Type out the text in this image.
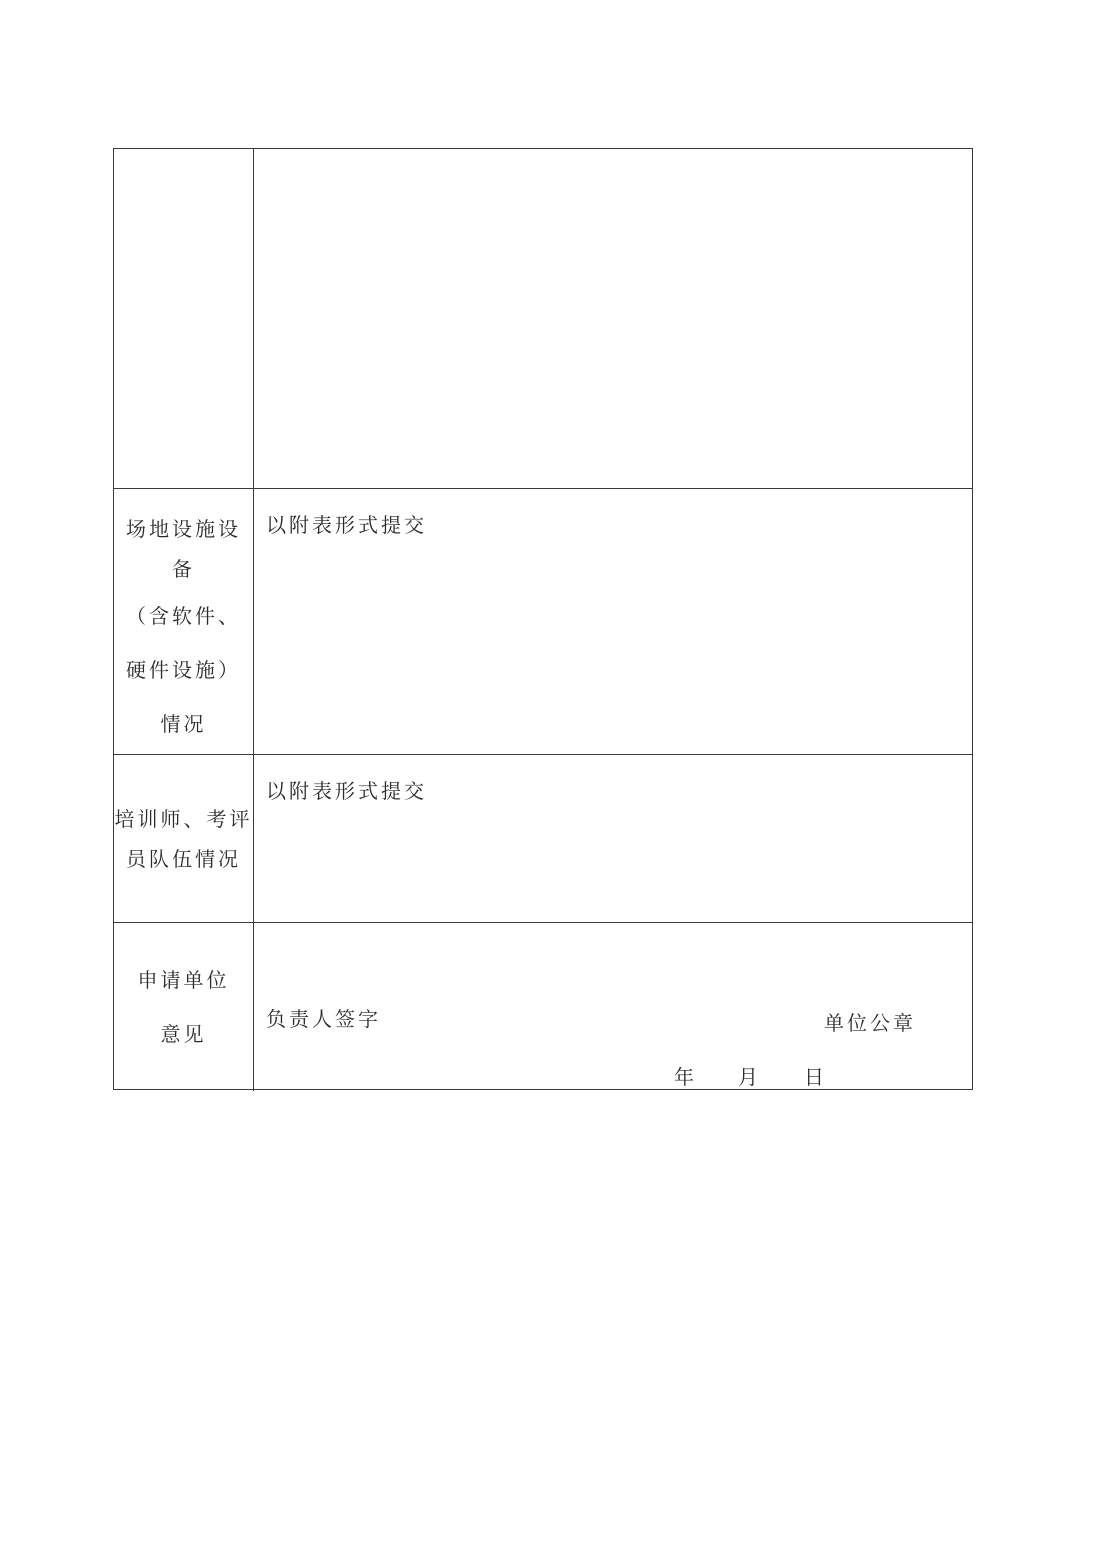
场地设施设
备
（含软件、
硬件设施）
情况
以附表形式提交
培训师、考评
员队伍情况
以附表形式提交
申请单位
意见
负责人签字	单位公章
年 月 日
